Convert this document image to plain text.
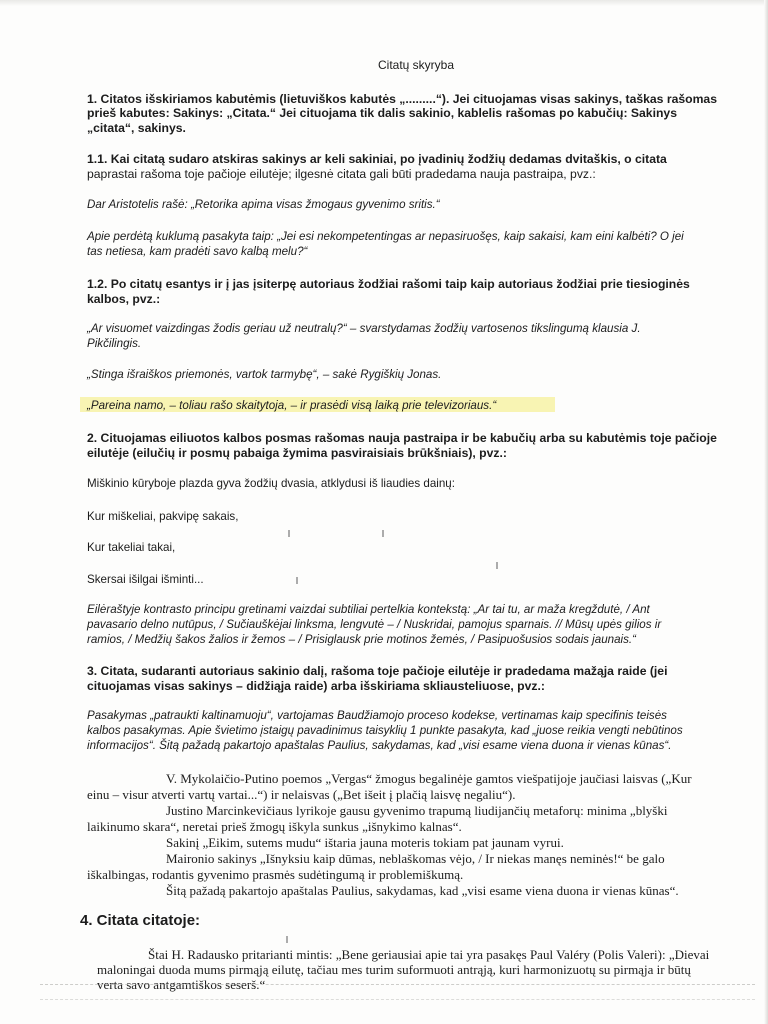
Citatų skyryba
1. Citatos išskiriamos kabutėmis (lietuviškos kabutės „.........“). Jei cituojamas visas sakinys, taškas rašomas
prieš kabutes: Sakinys: „Citata.“ Jei cituojama tik dalis sakinio, kablelis rašomas po kabučių: Sakinys
„citata“, sakinys.
1.1. Kai citatą sudaro atskiras sakinys ar keli sakiniai, po įvadinių žodžių dedamas dvitaškis, o citata
paprastai rašoma toje pačioje eilutėje; ilgesnė citata gali būti pradedama nauja pastraipa, pvz.:
Dar Aristotelis rašė: „Retorika apima visas žmogaus gyvenimo sritis.“
Apie perdėtą kuklumą pasakyta taip: „Jei esi nekompetentingas ar nepasiruošęs, kaip sakaisi, kam eini kalbėti? O jei
tas netiesa, kam pradėti savo kalbą melu?“
1.2. Po citatų esantys ir į jas įsiterpę autoriaus žodžiai rašomi taip kaip autoriaus žodžiai prie tiesioginės
kalbos, pvz.:
„Ar visuomet vaizdingas žodis geriau už neutralų?“ – svarstydamas žodžių vartosenos tikslingumą klausia J.
Pikčilingis.
„Stinga išraiškos priemonės, vartok tarmybę“, – sakė Rygiškių Jonas.
„Pareina namo, – toliau rašo skaitytoja, – ir prasėdi visą laiką prie televizoriaus.“
2. Cituojamas eiliuotos kalbos posmas rašomas nauja pastraipa ir be kabučių arba su kabutėmis toje pačioje
eilutėje (eilučių ir posmų pabaiga žymima pasviraisiais brūkšniais), pvz.:
Miškinio kūryboje plazda gyva žodžių dvasia, atklydusi iš liaudies dainų:
Kur miškeliai, pakvipę sakais,
Kur takeliai takai,
Skersai išilgai išminti...
Eilėraštyje kontrasto principu gretinami vaizdai subtiliai pertelkia kontekstą: „Ar tai tu, ar maža kregždutė, / Ant
pavasario delno nutūpus, / Sučiauškėjai linksma, lengvutė – / Nuskridai, pamojus sparnais. // Mūsų upės gilios ir
ramios, / Medžių šakos žalios ir žemos – / Prisiglausk prie motinos žemės, / Pasipuošusios sodais jaunais.“
3. Citata, sudaranti autoriaus sakinio dalį, rašoma toje pačioje eilutėje ir pradedama mažąja raide (jei
cituojamas visas sakinys – didžiąja raide) arba išskiriama skliausteliuose, pvz.:
Pasakymas „patraukti kaltinamuoju“, vartojamas Baudžiamojo proceso kodekse, vertinamas kaip specifinis teisės
kalbos pasakymas. Apie švietimo įstaigų pavadinimus taisyklių 1 punkte pasakyta, kad „juose reikia vengti nebūtinos
informacijos“. Šitą pažadą pakartojo apaštalas Paulius, sakydamas, kad „visi esame viena duona ir vienas kūnas“.
V. Mykolaičio-Putino poemos „Vergas“ žmogus begalinėje gamtos viešpatijoje jaučiasi laisvas („Kur
einu – visur atverti vartų vartai...“) ir nelaisvas („Bet išeit į plačią laisvę negaliu“).
Justino Marcinkevičiaus lyrikoje gausu gyvenimo trapumą liudijančių metaforų: minima „blyški
laikinumo skara“, neretai prieš žmogų iškyla sunkus „išnykimo kalnas“.
Sakinį „Eikim, sutems mudu“ ištaria jauna moteris tokiam pat jaunam vyrui.
Maironio sakinys „Išnyksiu kaip dūmas, neblaškomas vėjo, / Ir niekas manęs neminės!“ be galo
iškalbingas, rodantis gyvenimo prasmės sudėtingumą ir problemiškumą.
Šitą pažadą pakartojo apaštalas Paulius, sakydamas, kad „visi esame viena duona ir vienas kūnas“.
4. Citata citatoje:
Štai H. Radausko pritarianti mintis: „Bene geriausiai apie tai yra pasakęs Paul Valéry (Polis Valeri): „Dievai
maloningai duoda mums pirmąją eilutę, tačiau mes turim suformuoti antrąją, kuri harmonizuotų su pirmąja ir būtų
verta savo antgamtiškos seserš.“
